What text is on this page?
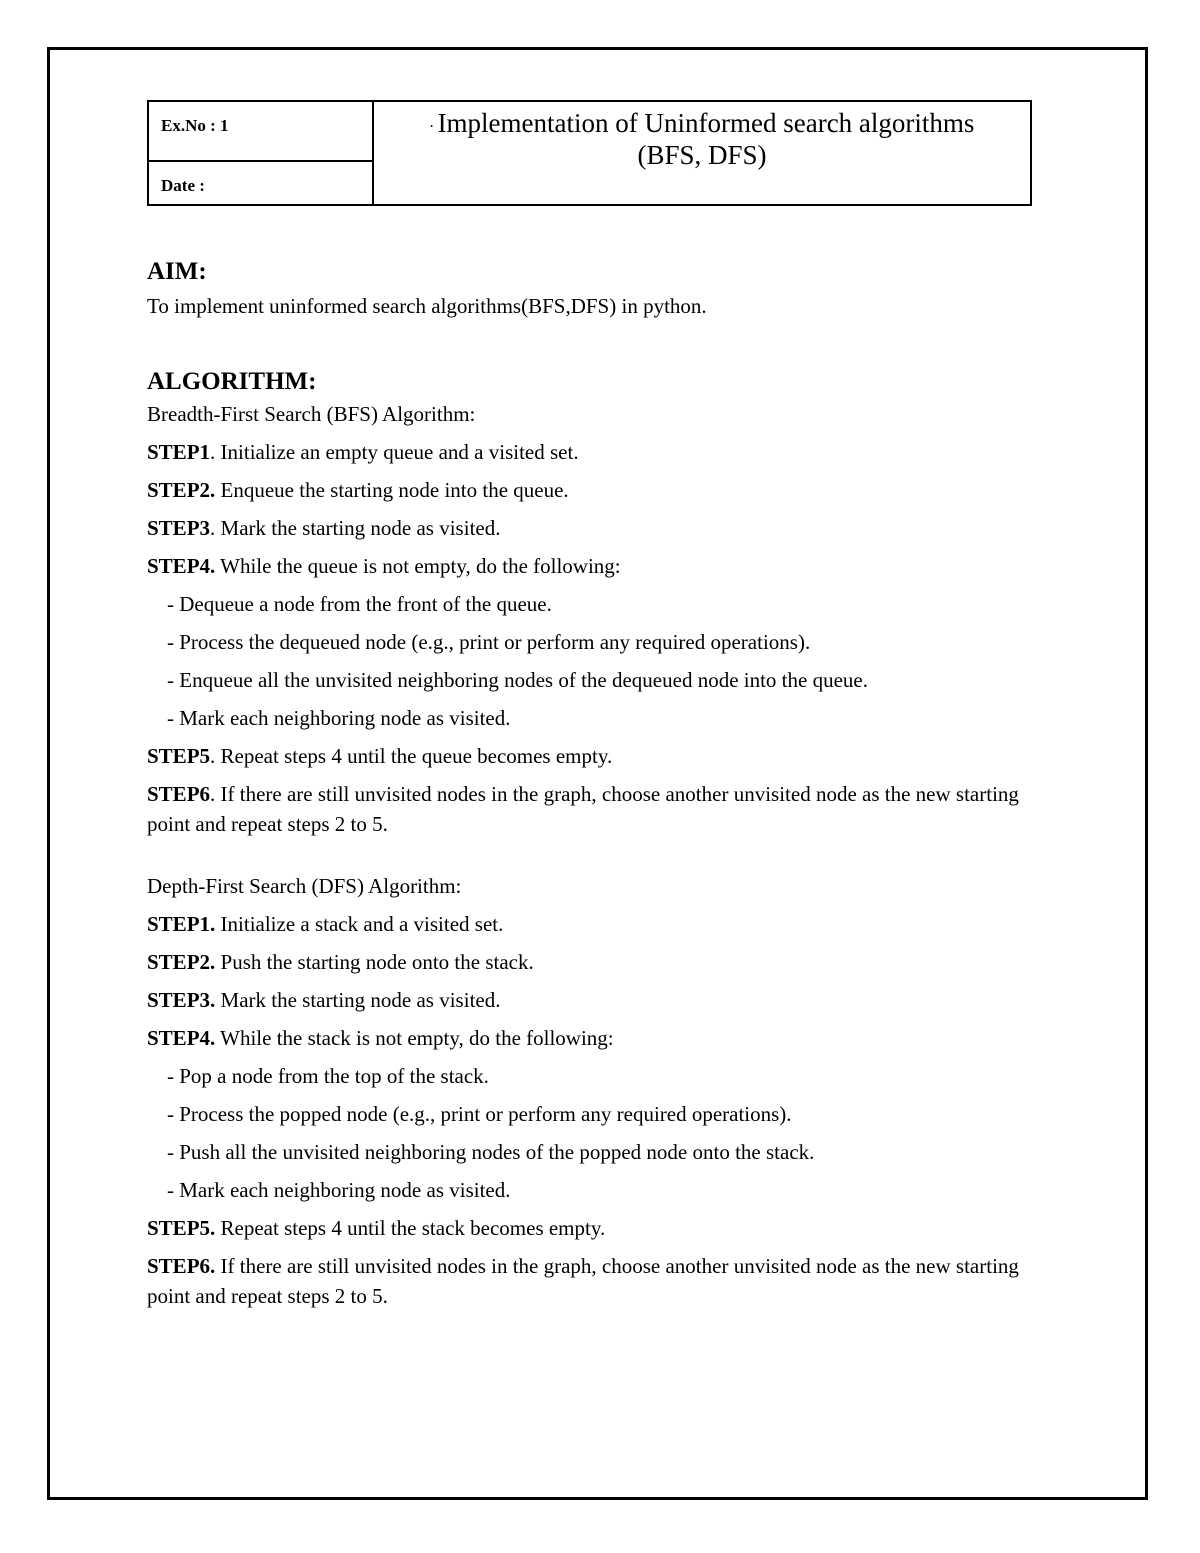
Ex.No : 1
Date :
. Implementation of Uninformed search algorithms
(BFS, DFS)
AIM:

To implement uninformed search algorithms(BFS,DFS) in python.

ALGORITHM:

Breadth-First Search (BFS) Algorithm:

STEP1. Initialize an empty queue and a visited set.

STEP2. Enqueue the starting node into the queue.

STEP3. Mark the starting node as visited.

STEP4. While the queue is not empty, do the following:

- Dequeue a node from the front of the queue.

- Process the dequeued node (e.g., print or perform any required operations).

- Enqueue all the unvisited neighboring nodes of the dequeued node into the queue.

- Mark each neighboring node as visited.

STEP5. Repeat steps 4 until the queue becomes empty.

STEP6. If there are still unvisited nodes in the graph, choose another unvisited node as the new starting point and repeat steps 2 to 5.

Depth-First Search (DFS) Algorithm:

STEP1. Initialize a stack and a visited set.

STEP2. Push the starting node onto the stack.

STEP3. Mark the starting node as visited.

STEP4. While the stack is not empty, do the following:

- Pop a node from the top of the stack.

- Process the popped node (e.g., print or perform any required operations).

- Push all the unvisited neighboring nodes of the popped node onto the stack.

- Mark each neighboring node as visited.

STEP5. Repeat steps 4 until the stack becomes empty.

STEP6. If there are still unvisited nodes in the graph, choose another unvisited node as the new starting point and repeat steps 2 to 5.
